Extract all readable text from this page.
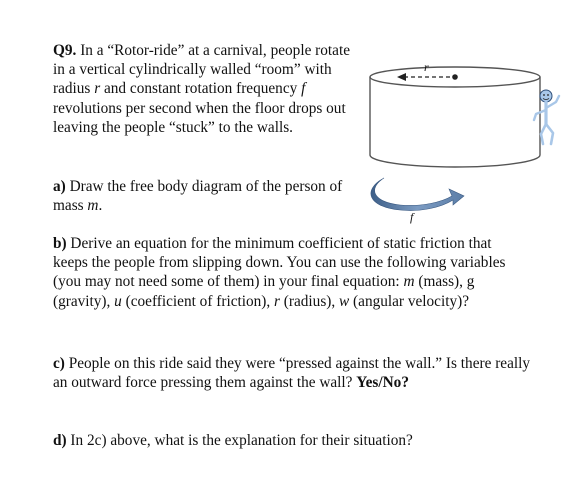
Q9. In a “Rotor-ride” at a carnival, people rotate in a vertical cylindrically walled “room” with radius r and constant rotation frequency f revolutions per second when the floor drops out leaving the people “stuck” to the walls.

a) Draw the free body diagram of the person of mass m.

b) Derive an equation for the minimum coefficient of static friction that keeps the people from slipping down. You can use the following variables (you may not need some of them) in your final equation: m (mass), g (gravity), u (coefficient of friction), r (radius), w (angular velocity)?

c) People on this ride said they were “pressed against the wall.” Is there really an outward force pressing them against the wall? Yes/No?

d) In 2c) above, what is the explanation for their situation?

r
f
